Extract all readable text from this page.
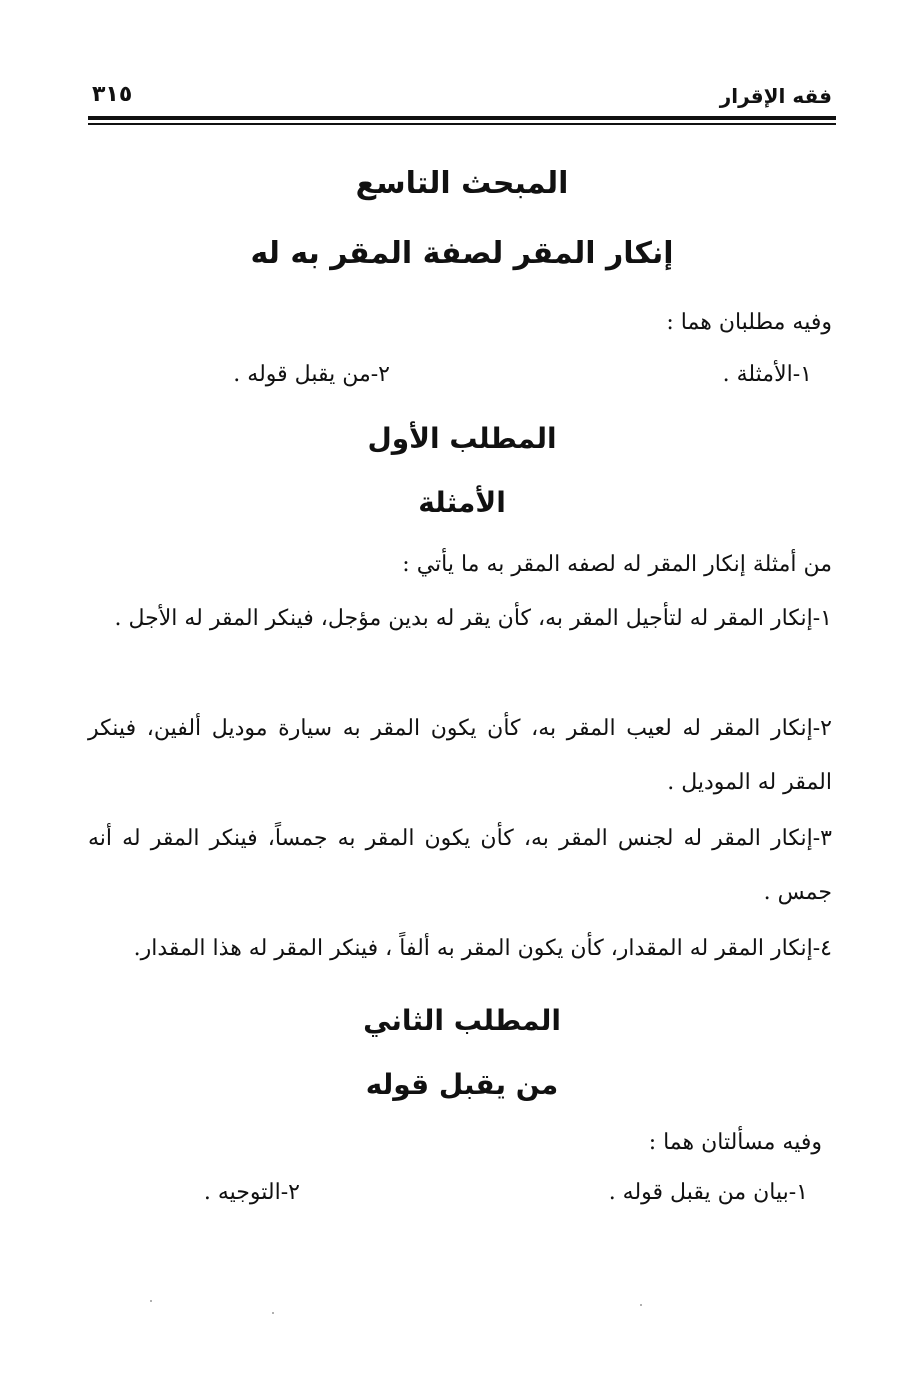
فقه الإقرار
٣١٥
المبحث التاسع
إنكار المقر لصفة المقر به له
وفيه مطلبان هما :
١-الأمثلة .
٢-من يقبل قوله .
المطلب الأول
الأمثلة
من أمثلة إنكار المقر له لصفه المقر به ما يأتي :
١-إنكار المقر له لتأجيل المقر به، كأن يقر له بدين مؤجل، فينكر المقر له الأجل .
٢-إنكار المقر له لعيب المقر به، كأن يكون المقر به سيارة موديل ألفين، فينكر المقر له الموديل .
٣-إنكار المقر له لجنس المقر به، كأن يكون المقر به جمساً، فينكر المقر له أنه جمس .
٤-إنكار المقر له المقدار، كأن يكون المقر به ألفاً ، فينكر المقر له هذا المقدار.
المطلب الثاني
من يقبل قوله
وفيه مسألتان هما :
١-بيان من يقبل قوله .
٢-التوجيه .
